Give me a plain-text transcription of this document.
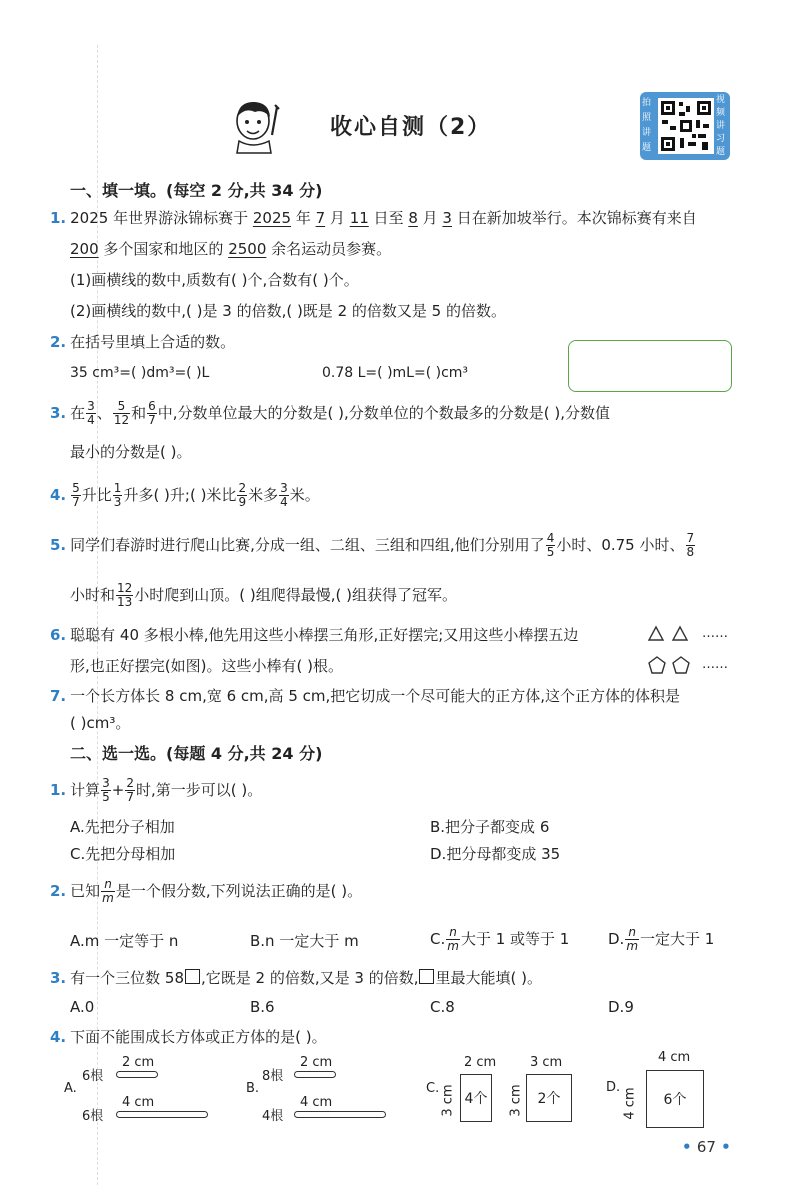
收心自测（2）
拍照讲题
视频讲习题
一、填一填。(每空 2 分,共 34 分)
1. 2025 年世界游泳锦标赛于 2025 年 7 月 11 日至 8 月 3 日在新加坡举行。本次锦标赛有来自
200 多个国家和地区的 2500 余名运动员参赛。
(1)画横线的数中,质数有( )个,合数有( )个。
(2)画横线的数中,( )是 3 的倍数,( )既是 2 的倍数又是 5 的倍数。
2. 在括号里填上合适的数。
35 cm³=( )dm³=( )L	0.78 L=( )mL=( )cm³
3. 在 $\frac{3}{4}$ 、 $\frac{5}{12}$ 和 $\frac{6}{7}$ 中,分数单位最大的分数是( ),分数单位的个数最多的分数是( ),分数值
最小的分数是( )。
4. $\frac{5}{7}$ 升比 $\frac{1}{3}$ 升多( )升;( )米比 $\frac{2}{9}$ 米多 $\frac{3}{4}$ 米。
5. 同学们春游时进行爬山比赛,分成一组、二组、三组和四组,他们分别用了 $\frac{4}{5}$ 小时、0.75 小时、 $\frac{7}{8}$
小时和 $\frac{12}{13}$ 小时爬到山顶。( )组爬得最慢,( )组获得了冠军。
6. 聪聪有 40 多根小棒,他先用这些小棒摆三角形,正好摆完;又用这些小棒摆五边
形,也正好摆完(如图)。这些小棒有( )根。
……
……
7. 一个长方体长 8 cm,宽 6 cm,高 5 cm,把它切成一个尽可能大的正方体,这个正方体的体积是
( )cm³。
二、选一选。(每题 4 分,共 24 分)
1. 计算 $\frac{3}{5} + \frac{2}{7}$ 时,第一步可以( )。
A.先把分子相加	B.把分子都变成 6
C.先把分母相加	D.把分母都变成 35
2. 已知 $\frac{n}{m}$ 是一个假分数,下列说法正确的是( )。
A.m 一定等于 n	B.n 一定大于 m	C. $\frac{n}{m}$ 大于 1 或等于 1	D. $\frac{n}{m}$ 一定大于 1
3. 有一个三位数 58 ,它既是 2 的倍数,又是 3 的倍数, 里最大能填( )。
A.0	B.6	C.8	D.9
4. 下面不能围成长方体或正方体的是( )。
A.
6根
2 cm
6根
4 cm
B.
8根
2 cm
4根
4 cm
C.
2 cm
3 cm 4个
3 cm
3 cm 2个
D.
4 cm
4 cm 6个
• 67 •
